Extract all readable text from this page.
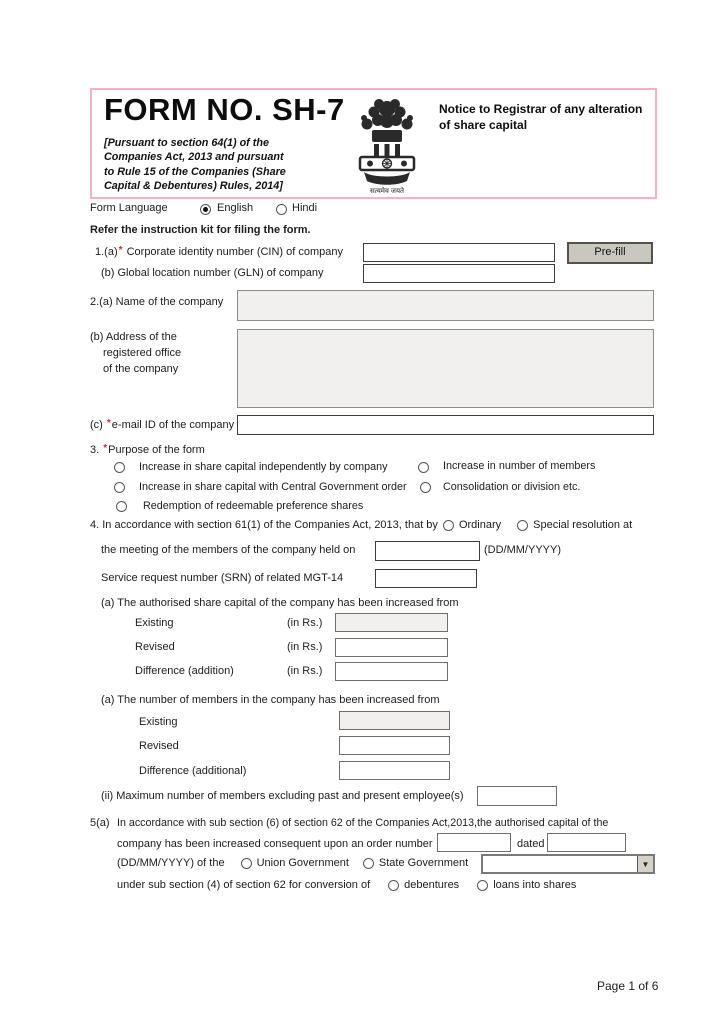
FORM NO. SH-7
[Pursuant to section 64(1) of the Companies Act, 2013 and pursuant to Rule 15 of the Companies (Share Capital & Debentures) Rules, 2014]	सत्यमेव जयते
Notice to Registrar of any alteration of share capital
Form Language	English	Hindi
Refer the instruction kit for filing the form.
1.(a)* Corporate identity number (CIN) of company	Pre-fill
(b) Global location number (GLN) of company
2.(a) Name of the company
(b) Address of the
registered office
of the company
(c) *e-mail ID of the company
3. *Purpose of the form
Increase in share capital independently by company	Increase in number of members
Increase in share capital with Central Government order	Consolidation or division etc.
Redemption of redeemable preference shares
4. In accordance with section 61(1) of the Companies Act, 2013, that by Ordinary	Special resolution at
the meeting of the members of the company held on	(DD/MM/YYYY)
Service request number (SRN) of related MGT-14
(a) The authorised share capital of the company has been increased from
Existing	(in Rs.)
Revised	(in Rs.)
Difference (addition)	(in Rs.)
(a) The number of members in the company has been increased from
Existing
Revised
Difference (additional)
(ii) Maximum number of members excluding past and present employee(s)
5(a) In accordance with sub section (6) of section 62 of the Companies Act,2013,the authorised capital of the
company has been increased consequent upon an order number	dated
(DD/MM/YYYY) of the	Union Government	State Government	▼
under sub section (4) of section 62 for conversion of	debentures	loans into shares
Page 1 of 6
